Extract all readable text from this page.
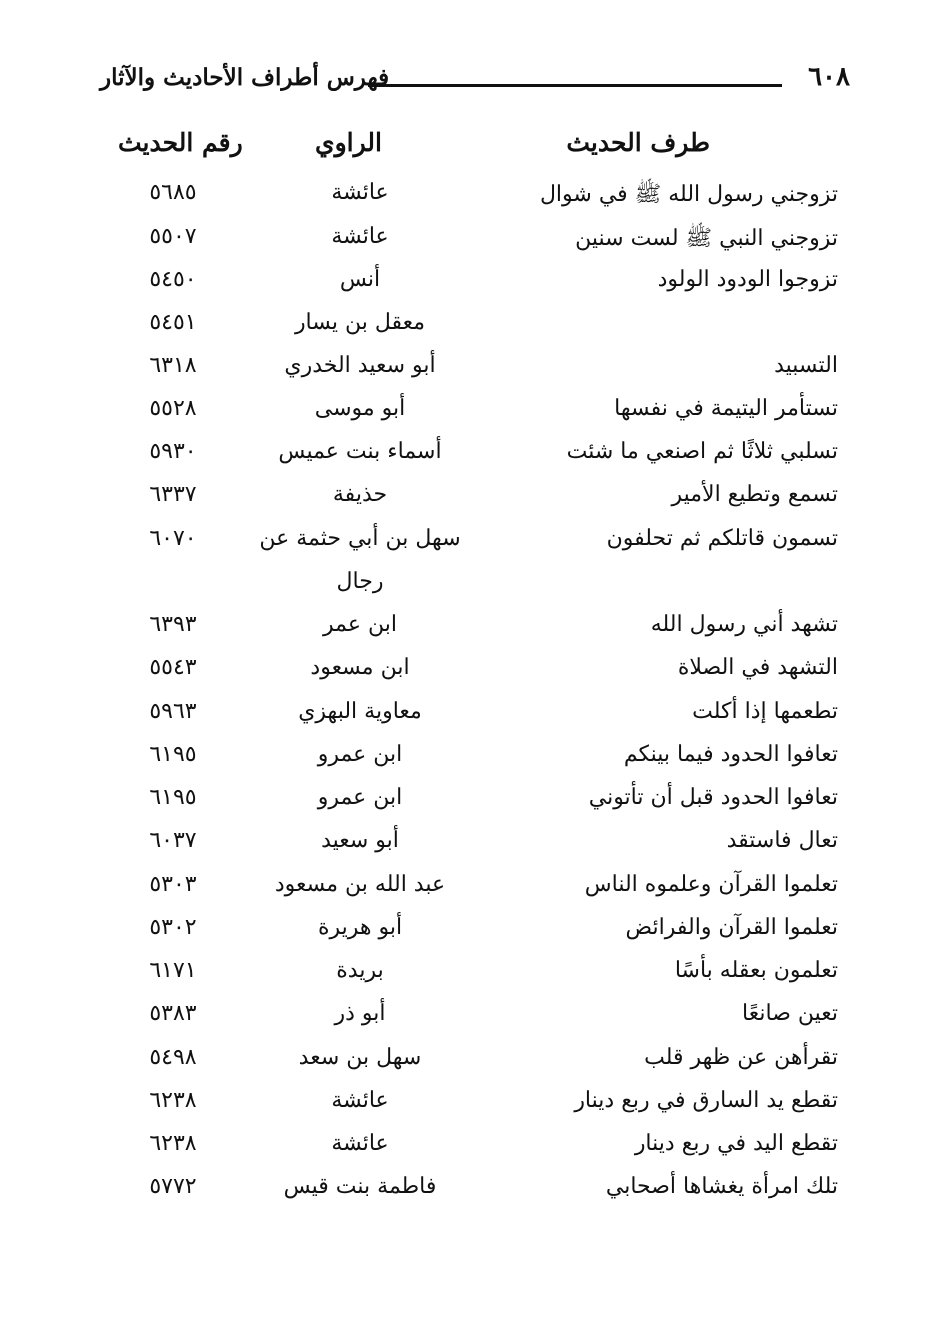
٦٠٨
فهرس أطراف الأحاديث والآثار
طرف الحديث
الراوي
رقم الحديث
تزوجني رسول الله ﷺ في شوال
عائشة
٥٦٨٥
تزوجني النبي ﷺ لست سنين
عائشة
٥٥٠٧
تزوجوا الودود الولود
أنس
٥٤٥٠
معقل بن يسار
٥٤٥١
التسبيد
أبو سعيد الخدري
٦٣١٨
تستأمر اليتيمة في نفسها
أبو موسى
٥٥٢٨
تسلبي ثلاثًا ثم اصنعي ما شئت
أسماء بنت عميس
٥٩٣٠
تسمع وتطيع الأمير
حذيفة
٦٣٣٧
تسمون قاتلكم ثم تحلفون
سهل بن أبي حثمة عن
٦٠٧٠
رجال
تشهد أني رسول الله
ابن عمر
٦٣٩٣
التشهد في الصلاة
ابن مسعود
٥٥٤٣
تطعمها إذا أكلت
معاوية البهزي
٥٩٦٣
تعافوا الحدود فيما بينكم
ابن عمرو
٦١٩٥
تعافوا الحدود قبل أن تأتوني
ابن عمرو
٦١٩٥
تعال فاستقد
أبو سعيد
٦٠٣٧
تعلموا القرآن وعلموه الناس
عبد الله بن مسعود
٥٣٠٣
تعلموا القرآن والفرائض
أبو هريرة
٥٣٠٢
تعلمون بعقله بأسًا
بريدة
٦١٧١
تعين صانعًا
أبو ذر
٥٣٨٣
تقرأهن عن ظهر قلب
سهل بن سعد
٥٤٩٨
تقطع يد السارق في ربع دينار
عائشة
٦٢٣٨
تقطع اليد في ربع دينار
عائشة
٦٢٣٨
تلك امرأة يغشاها أصحابي
فاطمة بنت قيس
٥٧٧٢
